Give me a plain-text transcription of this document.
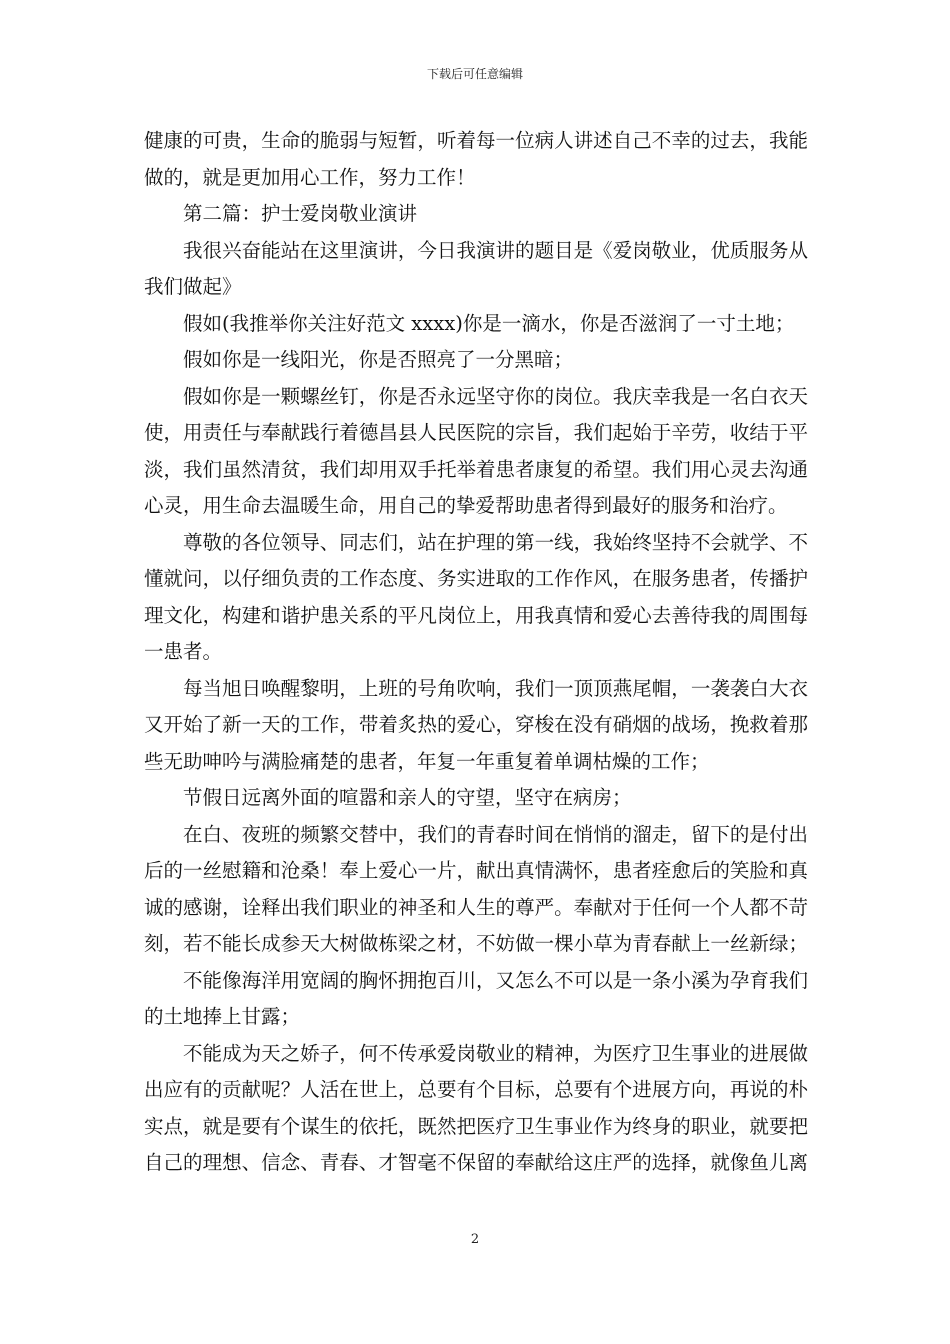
下载后可任意编辑
健康的可贵，生命的脆弱与短暂，听着每一位病人讲述自己不幸的过去，我能
做的，就是更加用心工作，努力工作！
第二篇：护士爱岗敬业演讲
我很兴奋能站在这里演讲，今日我演讲的题目是《爱岗敬业，优质服务从
我们做起》
假如(我推举你关注好范文 xxxx)你是一滴水，你是否滋润了一寸土地；
假如你是一线阳光，你是否照亮了一分黑暗；
假如你是一颗螺丝钉，你是否永远坚守你的岗位。我庆幸我是一名白衣天
使，用责任与奉献践行着德昌县人民医院的宗旨，我们起始于辛劳，收结于平
淡，我们虽然清贫，我们却用双手托举着患者康复的希望。我们用心灵去沟通
心灵，用生命去温暖生命，用自己的挚爱帮助患者得到最好的服务和治疗。
尊敬的各位领导、同志们，站在护理的第一线，我始终坚持不会就学、不
懂就问，以仔细负责的工作态度、务实进取的工作作风，在服务患者，传播护
理文化，构建和谐护患关系的平凡岗位上，用我真情和爱心去善待我的周围每
一患者。
每当旭日唤醒黎明，上班的号角吹响，我们一顶顶燕尾帽，一袭袭白大衣
又开始了新一天的工作，带着炙热的爱心，穿梭在没有硝烟的战场，挽救着那
些无助呻吟与满脸痛楚的患者，年复一年重复着单调枯燥的工作；
节假日远离外面的喧嚣和亲人的守望，坚守在病房；
在白、夜班的频繁交替中，我们的青春时间在悄悄的溜走，留下的是付出
后的一丝慰籍和沧桑！奉上爱心一片，献出真情满怀，患者痊愈后的笑脸和真
诚的感谢，诠释出我们职业的神圣和人生的尊严。奉献对于任何一个人都不苛
刻，若不能长成参天大树做栋梁之材，不妨做一棵小草为青春献上一丝新绿；
不能像海洋用宽阔的胸怀拥抱百川，又怎么不可以是一条小溪为孕育我们
的土地捧上甘露；
不能成为天之娇子，何不传承爱岗敬业的精神，为医疗卫生事业的进展做
出应有的贡献呢？人活在世上，总要有个目标，总要有个进展方向，再说的朴
实点，就是要有个谋生的依托，既然把医疗卫生事业作为终身的职业，就要把
自己的理想、信念、青春、才智毫不保留的奉献给这庄严的选择，就像鱼儿离
2
